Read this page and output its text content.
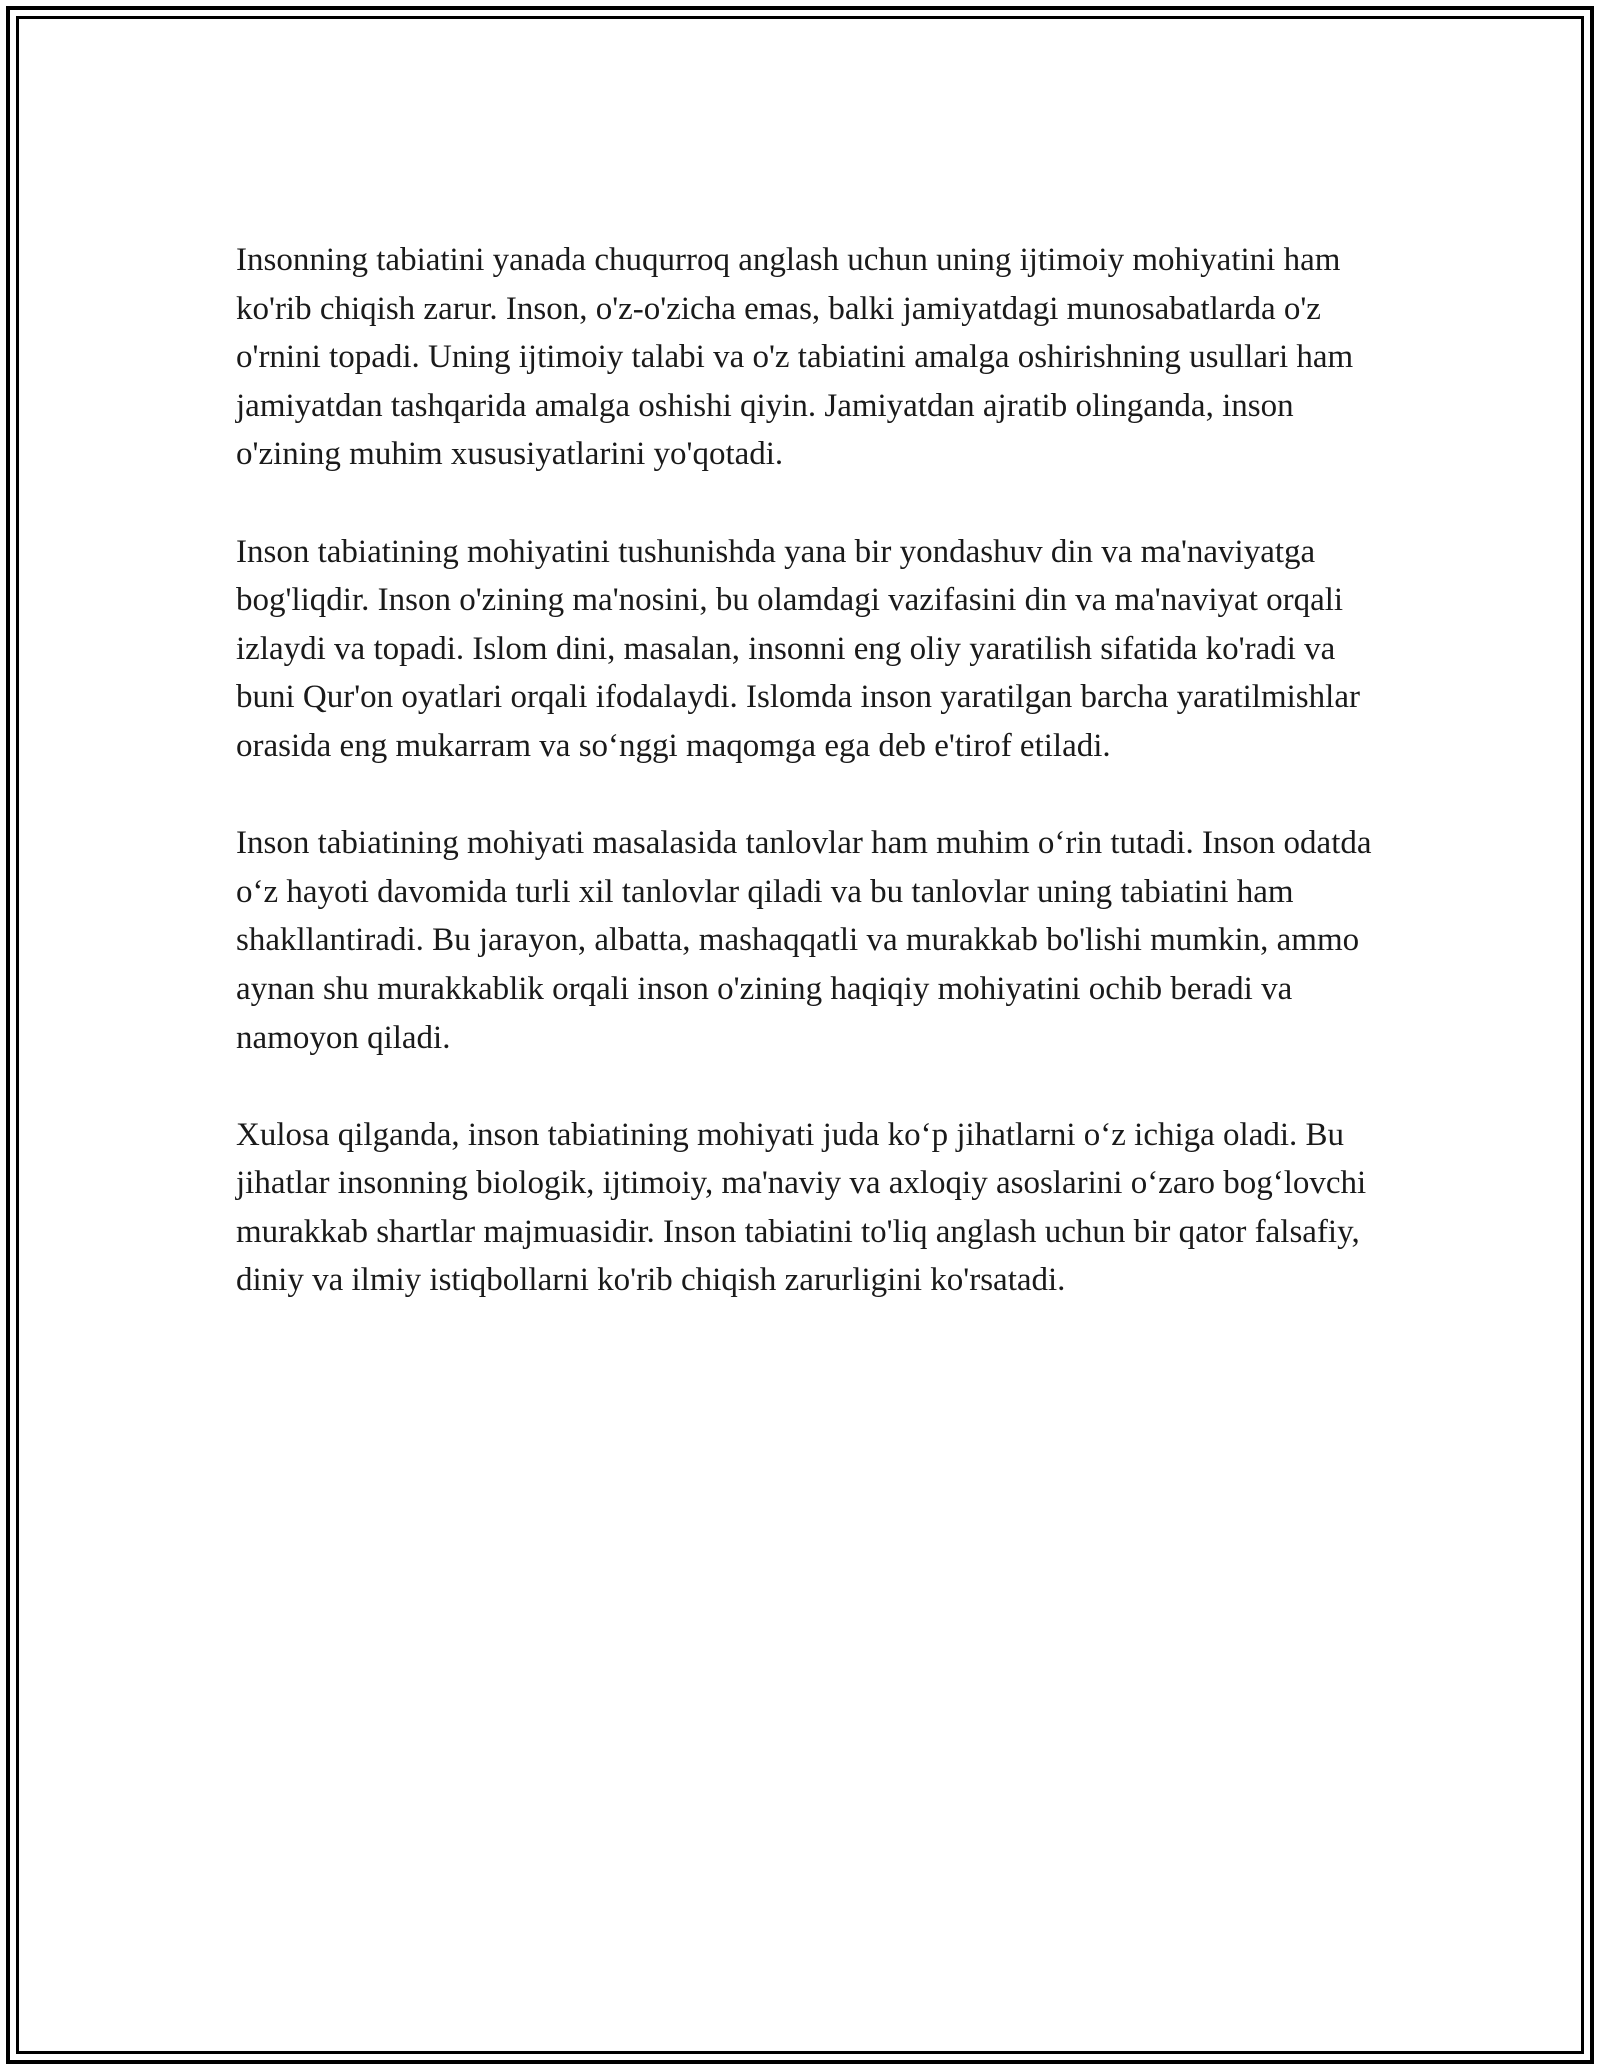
Insonning tabiatini yanada chuqurroq anglash uchun uning ijtimoiy mohiyatini ham ko'rib chiqish zarur. Inson, o'z-o'zicha emas, balki jamiyatdagi munosabatlarda o'z o'rnini topadi. Uning ijtimoiy talabi va o'z tabiatini amalga oshirishning usullari ham jamiyatdan tashqarida amalga oshishi qiyin. Jamiyatdan ajratib olinganda, inson o'zining muhim xususiyatlarini yo'qotadi.

Inson tabiatining mohiyatini tushunishda yana bir yondashuv din va ma'naviyatga bog'liqdir. Inson o'zining ma'nosini, bu olamdagi vazifasini din va ma'naviyat orqali izlaydi va topadi. Islom dini, masalan, insonni eng oliy yaratilish sifatida ko'radi va buni Qur'on oyatlari orqali ifodalaydi. Islomda inson yaratilgan barcha yaratilmishlar orasida eng mukarram va so‘nggi maqomga ega deb e'tirof etiladi.

Inson tabiatining mohiyati masalasida tanlovlar ham muhim o‘rin tutadi. Inson odatda o‘z hayoti davomida turli xil tanlovlar qiladi va bu tanlovlar uning tabiatini ham shakllantiradi. Bu jarayon, albatta, mashaqqatli va murakkab bo'lishi mumkin, ammo aynan shu murakkablik orqali inson o'zining haqiqiy mohiyatini ochib beradi va namoyon qiladi.

Xulosa qilganda, inson tabiatining mohiyati juda ko‘p jihatlarni o‘z ichiga oladi. Bu jihatlar insonning biologik, ijtimoiy, ma'naviy va axloqiy asoslarini o‘zaro bog‘lovchi murakkab shartlar majmuasidir. Inson tabiatini to'liq anglash uchun bir qator falsafiy, diniy va ilmiy istiqbollarni ko'rib chiqish zarurligini ko'rsatadi.
